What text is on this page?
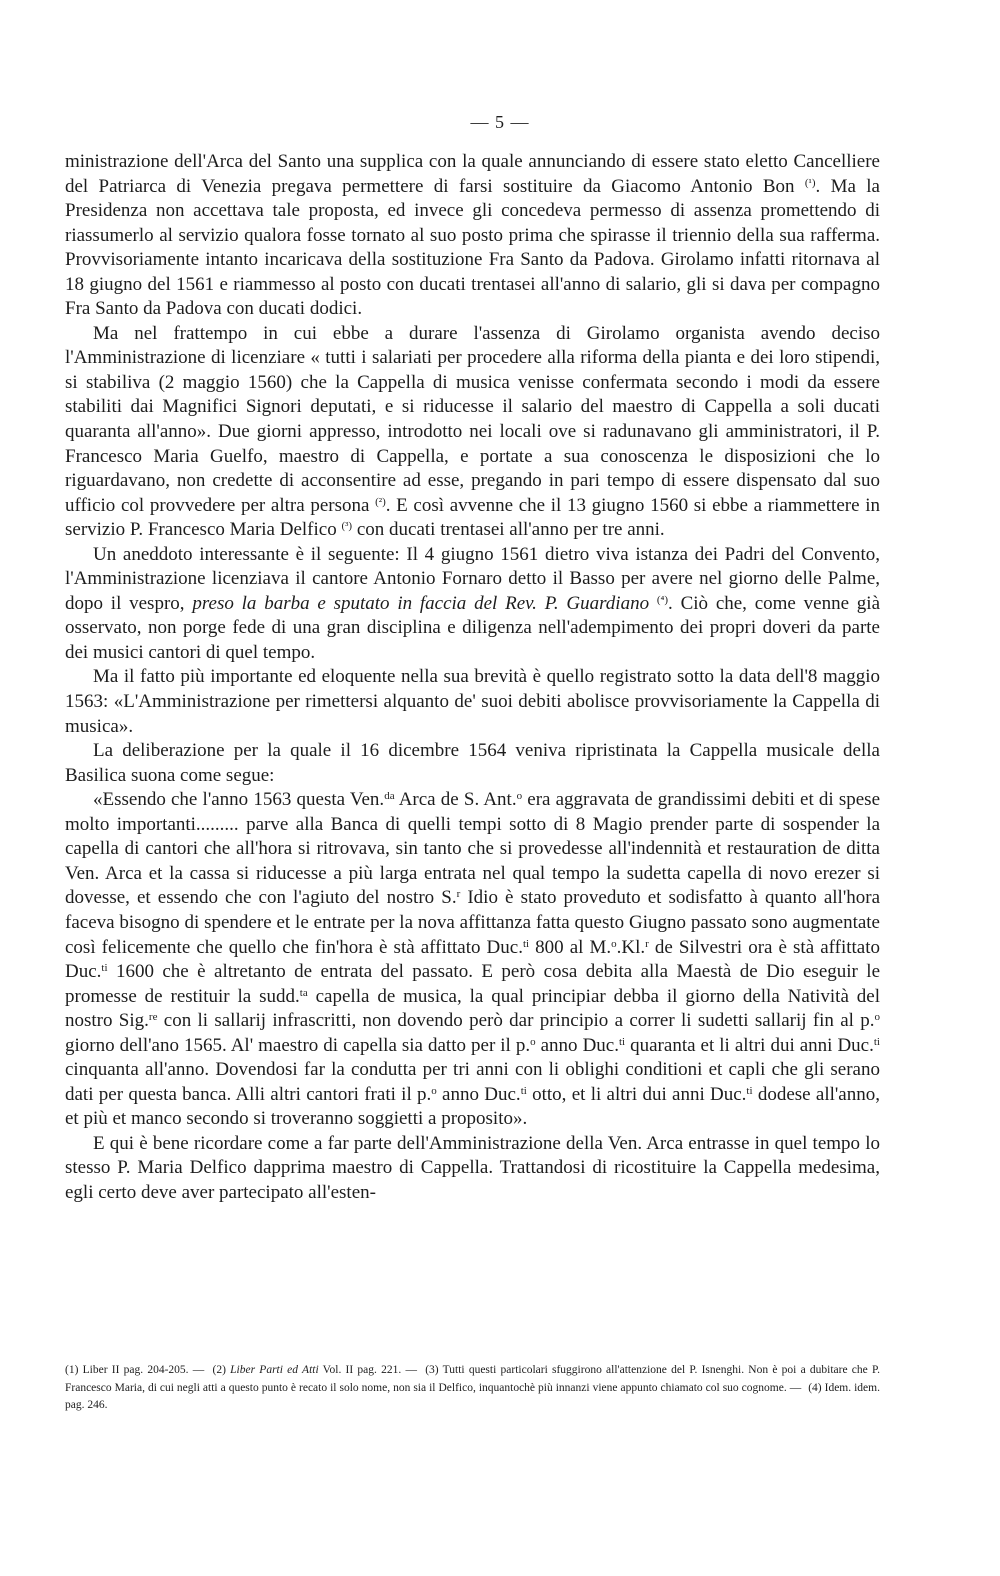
— 5 —

ministrazione dell'Arca del Santo una supplica con la quale annunciando di essere stato eletto Cancelliere del Patriarca di Venezia pregava permettere di farsi sostituire da Giacomo Antonio Bon $^{(^1)}$. Ma la Presidenza non accettava tale proposta, ed invece gli concedeva permesso di assenza promettendo di riassumerlo al servizio qualora fosse tornato al suo posto prima che spirasse il triennio della sua rafferma. Provvisoriamente intanto incaricava della sostituzione Fra Santo da Padova. Girolamo infatti ritornava al 18 giugno del 1561 e riammesso al posto con ducati trentasei all'anno di salario, gli si dava per compagno Fra Santo da Padova con ducati dodici.

Ma nel frattempo in cui ebbe a durare l'assenza di Girolamo organista avendo deciso l'Amministrazione di licenziare « tutti i salariati per procedere alla riforma della pianta e dei loro stipendi, si stabiliva (2 maggio 1560) che la Cappella di musica venisse confermata secondo i modi da essere stabiliti dai Magnifici Signori deputati, e si riducesse il salario del maestro di Cappella a soli ducati quaranta all'anno». Due giorni appresso, introdotto nei locali ove si radunavano gli amministratori, il P. Francesco Maria Guelfo, maestro di Cappella, e portate a sua conoscenza le disposizioni che lo riguardavano, non credette di acconsentire ad esse, pregando in pari tempo di essere dispensato dal suo ufficio col provvedere per altra persona $^{(^2)}$. E così avvenne che il 13 giugno 1560 si ebbe a riammettere in servizio P. Francesco Maria Delfico $^{(^3)}$ con ducati trentasei all'anno per tre anni.

Un aneddoto interessante è il seguente: Il 4 giugno 1561 dietro viva istanza dei Padri del Convento, l'Amministrazione licenziava il cantore Antonio Fornaro detto il Basso per avere nel giorno delle Palme, dopo il vespro, preso la barba e sputato in faccia del Rev. P. Guardiano $^{(^4)}$. Ciò che, come venne già osservato, non porge fede di una gran disciplina e diligenza nell'adempimento dei propri doveri da parte dei musici cantori di quel tempo.

Ma il fatto più importante ed eloquente nella sua brevità è quello registrato sotto la data dell'8 maggio 1563: «L'Amministrazione per rimettersi alquanto de' suoi debiti abolisce provvisoriamente la Cappella di musica».

La deliberazione per la quale il 16 dicembre 1564 veniva ripristinata la Cappella musicale della Basilica suona come segue:

«Essendo che l'anno 1563 questa Ven.$^{da}$ Arca de S. Ant.$^o$ era aggravata de grandissimi debiti et di spese molto importanti......... parve alla Banca di quelli tempi sotto di 8 Magio prender parte di sospender la capella di cantori che all'hora si ritrovava, sin tanto che si provedesse all'indennità et restauration de ditta Ven. Arca et la cassa si riducesse a più larga entrata nel qual tempo la sudetta capella di novo erezer si dovesse, et essendo che con l'agiuto del nostro S.$^r$ Idio è stato proveduto et sodisfatto à quanto all'hora faceva bisogno di spendere et le entrate per la nova affittanza fatta questo Giugno passato sono augmentate così felicemente che quello che fin'hora è stà affittato Duc.$^{ti}$ 800 al M.$^o$.Kl.$^r$ de Silvestri ora è stà affittato Duc.$^{ti}$ 1600 che è altretanto de entrata del passato. E però cosa debita alla Maestà de Dio eseguir le promesse de restituir la sudd.$^{ta}$ capella de musica, la qual principiar debba il giorno della Natività del nostro Sig.$^{re}$ con li sallarij infrascritti, non dovendo però dar principio a correr li sudetti sallarij fin al p.$^o$ giorno dell'ano 1565. Al' maestro di capella sia datto per il p.$^o$ anno Duc.$^{ti}$ quaranta et li altri dui anni Duc.$^{ti}$ cinquanta all'anno. Dovendosi far la condutta per tri anni con li oblighi conditioni et capli che gli serano dati per questa banca. Alli altri cantori frati il p.$^o$ anno Duc.$^{ti}$ otto, et li altri dui anni Duc.$^{ti}$ dodese all'anno, et più et manco secondo si troveranno soggietti a proposito».

E qui è bene ricordare come a far parte dell'Amministrazione della Ven. Arca entrasse in quel tempo lo stesso P. Maria Delfico dapprima maestro di Cappella. Trattandosi di ricostituire la Cappella medesima, egli certo deve aver partecipato all'esten-

(1) Liber II pag. 204-205. — (2) Liber Parti ed Atti Vol. II pag. 221. — (3) Tutti questi particolari sfuggirono all'attenzione del P. Isnenghi. Non è poi a dubitare che P. Francesco Maria, di cui negli atti a questo punto è recato il solo nome, non sia il Delfico, inquantochè più innanzi viene appunto chiamato col suo cognome. — (4) Idem. idem. pag. 246.
